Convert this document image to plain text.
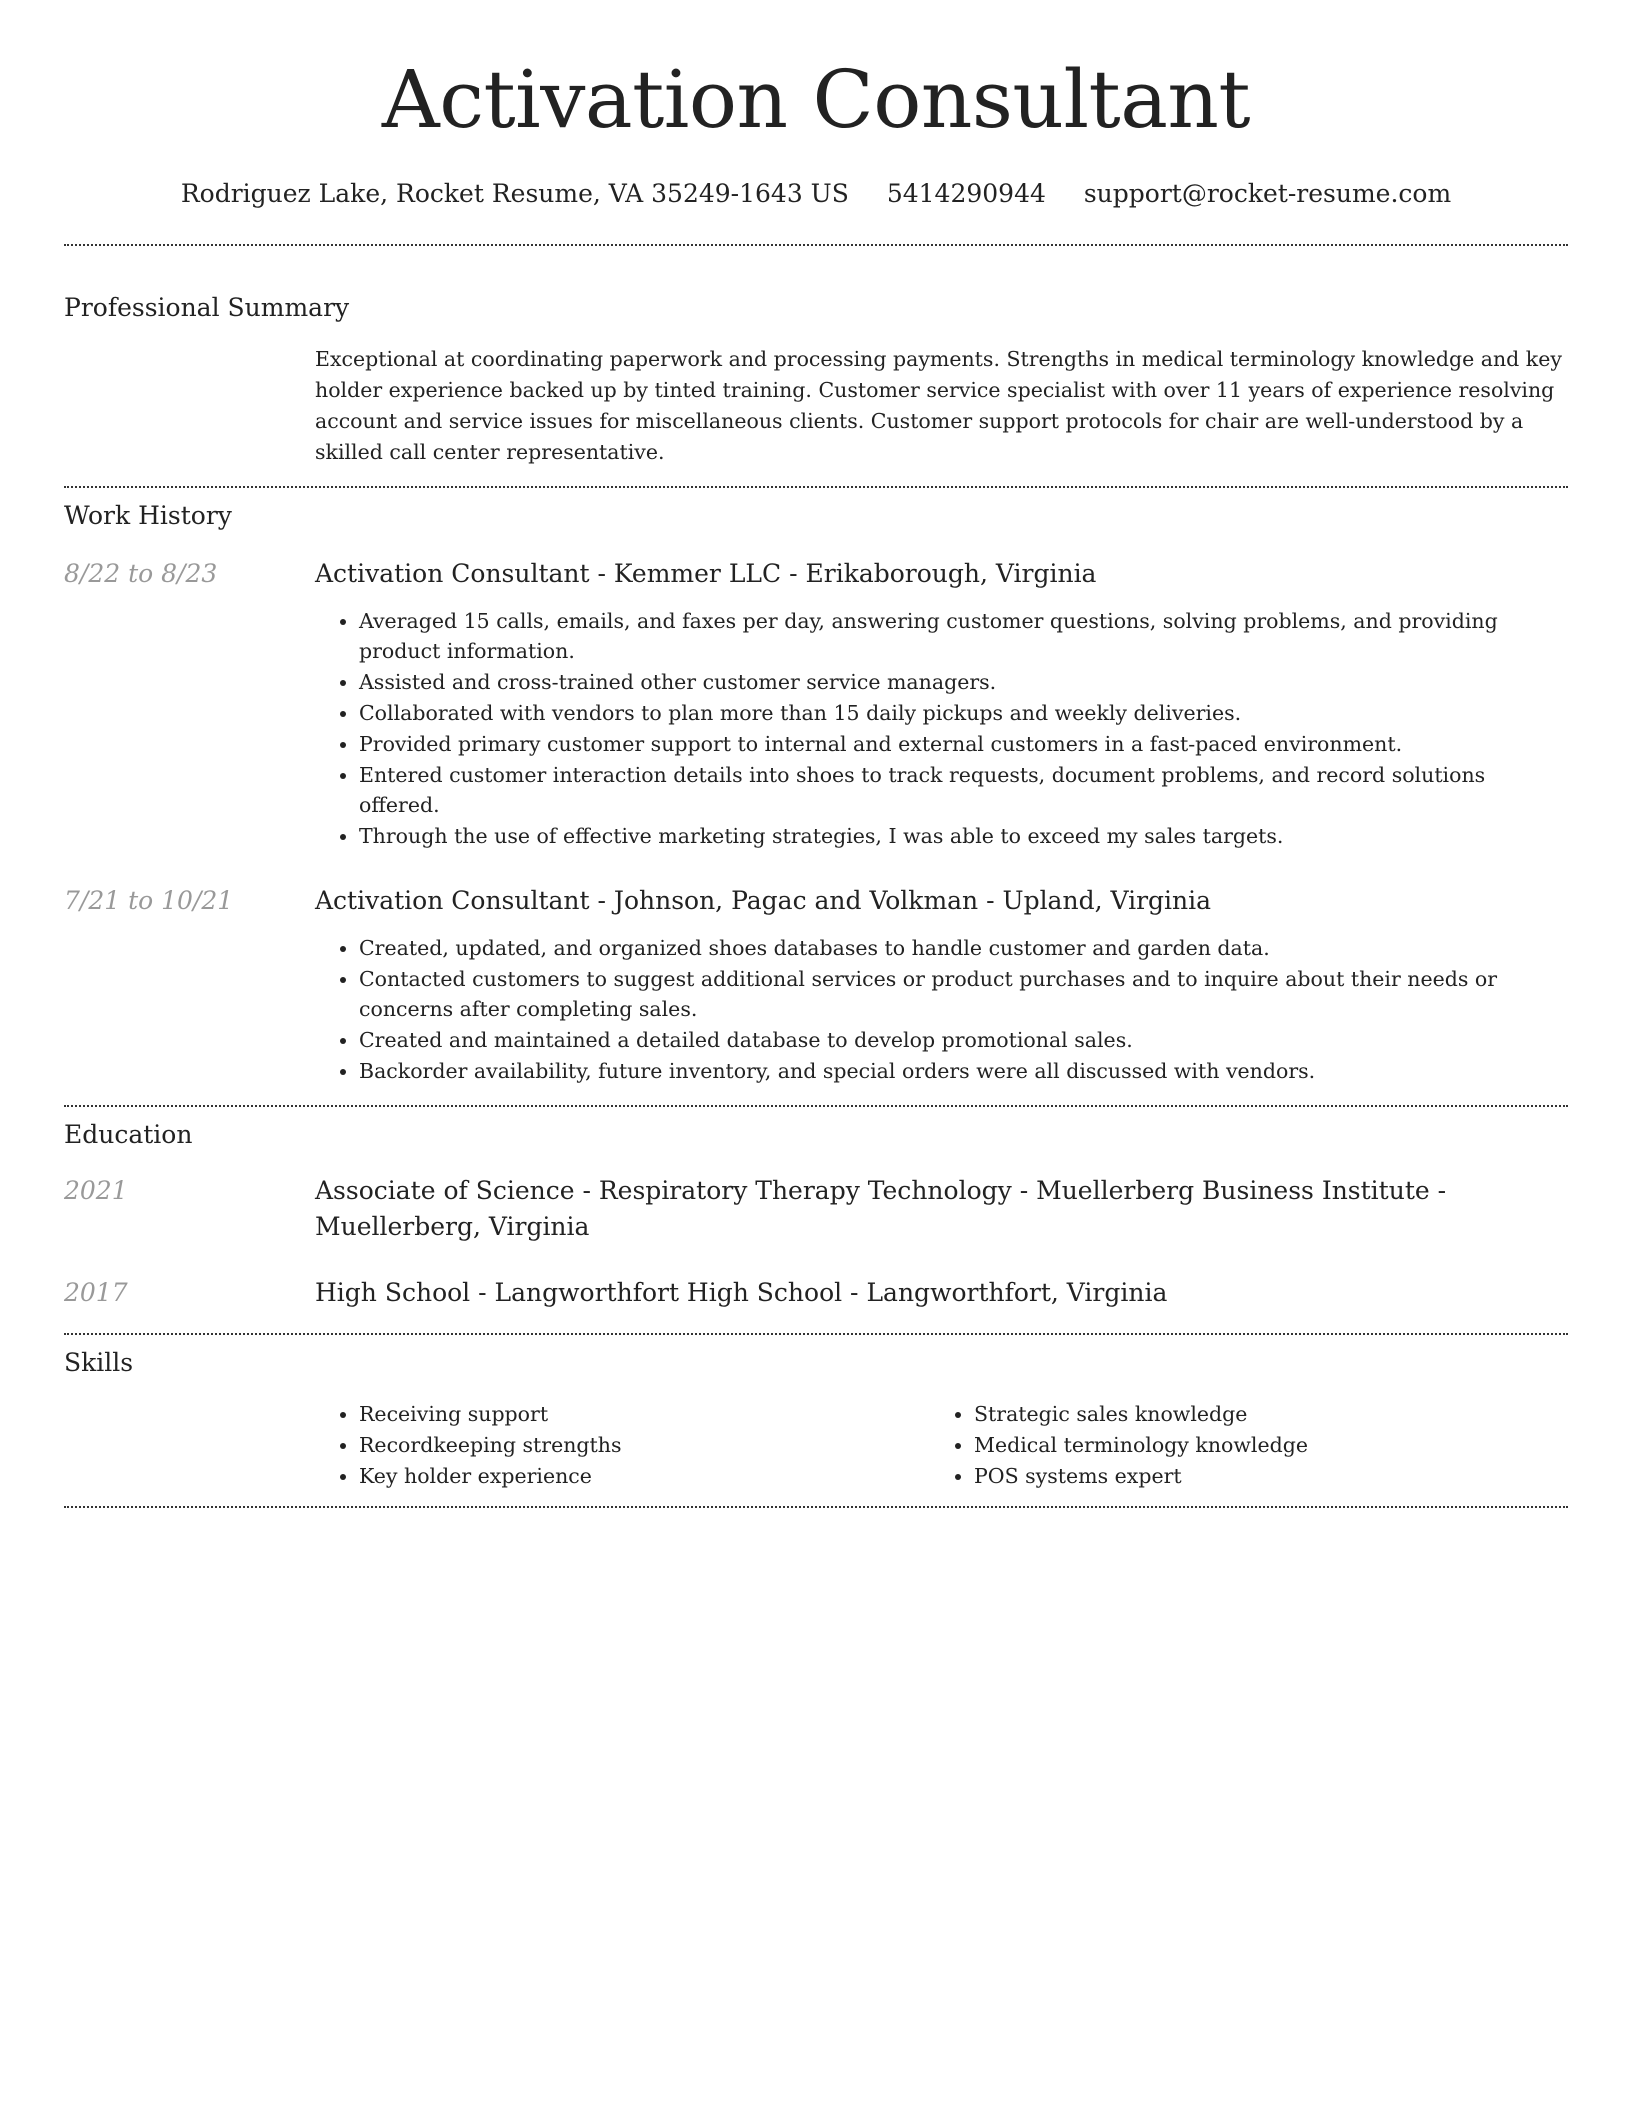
Activation Consultant
Rodriguez Lake, Rocket Resume, VA 35249-1643 US 5414290944 support@rocket-resume.com
Professional Summary
Exceptional at coordinating paperwork and processing payments. Strengths in medical terminology knowledge and key holder experience backed up by tinted training. Customer service specialist with over 11 years of experience resolving account and service issues for miscellaneous clients. Customer support protocols for chair are well-understood by a skilled call center representative.
Work History
8/22 to 8/23	Activation Consultant - Kemmer LLC - Erikaborough, Virginia
• Averaged 15 calls, emails, and faxes per day, answering customer questions, solving problems, and providing product information.
• Assisted and cross-trained other customer service managers.
• Collaborated with vendors to plan more than 15 daily pickups and weekly deliveries.
• Provided primary customer support to internal and external customers in a fast-paced environment.
• Entered customer interaction details into shoes to track requests, document problems, and record solutions offered.
• Through the use of effective marketing strategies, I was able to exceed my sales targets.
7/21 to 10/21	Activation Consultant - Johnson, Pagac and Volkman - Upland, Virginia
• Created, updated, and organized shoes databases to handle customer and garden data.
• Contacted customers to suggest additional services or product purchases and to inquire about their needs or concerns after completing sales.
• Created and maintained a detailed database to develop promotional sales.
• Backorder availability, future inventory, and special orders were all discussed with vendors.
Education
2021	Associate of Science - Respiratory Therapy Technology - Muellerberg Business Institute - Muellerberg, Virginia
2017	High School - Langworthfort High School - Langworthfort, Virginia
Skills
• Receiving support
• Recordkeeping strengths
• Key holder experience
• Strategic sales knowledge
• Medical terminology knowledge
• POS systems expert
